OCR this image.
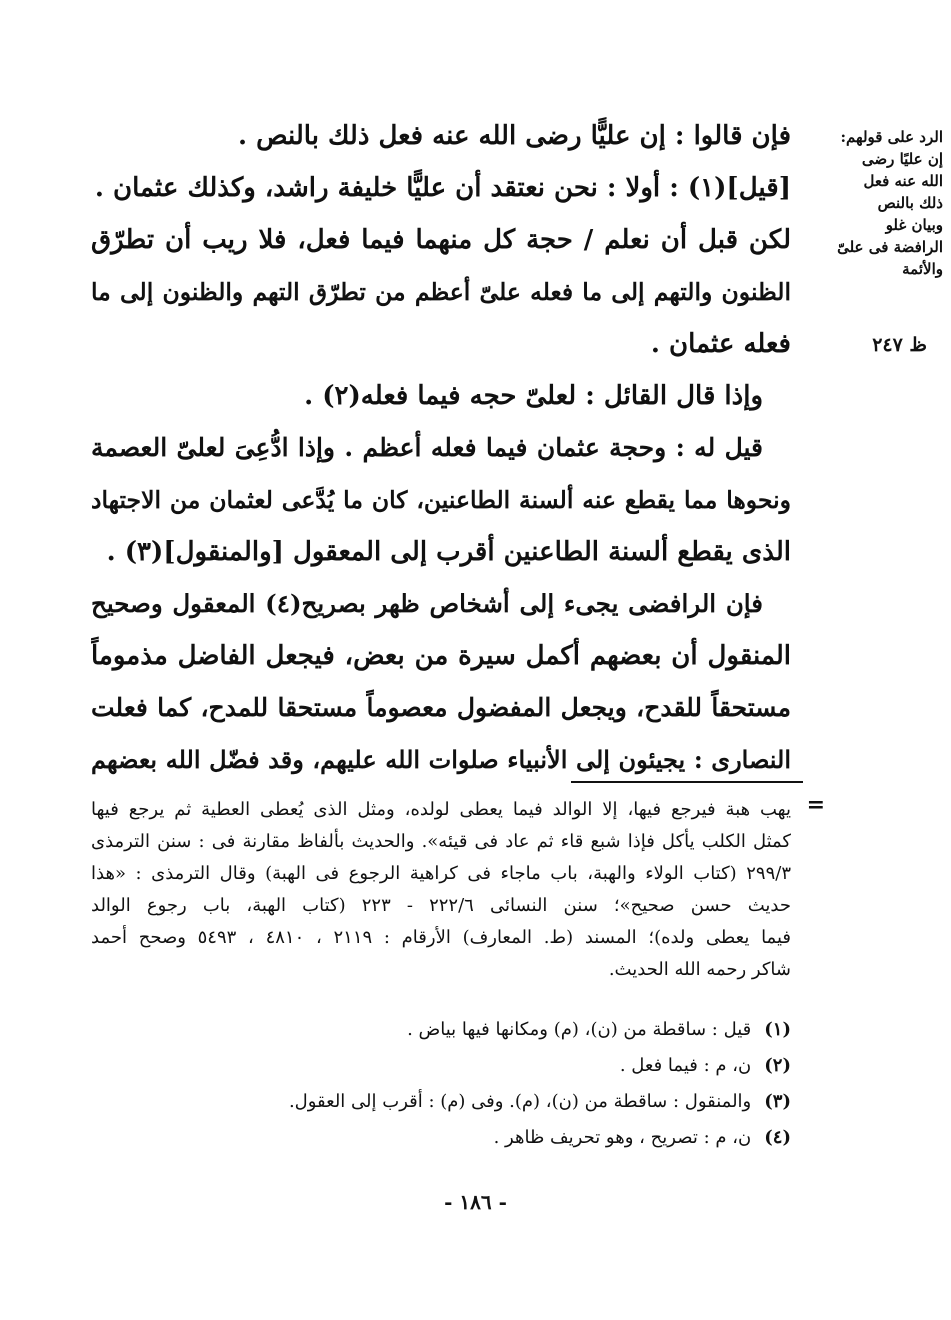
الرد على قولهم:
إن عليًا رضى
الله عنه فعل
ذلك بالنص
وبيان غلو
الرافضة فى علىّ
والأئمة
ظ ٢٤٧
فإن قالوا : إن عليًّا رضى الله عنه فعل ذلك بالنص .
[قيل](١) : أولا : نحن نعتقد أن عليًّا خليفة راشد، وكذلك عثمان .
لكن قبل أن نعلم / حجة كل منهما فيما فعل، فلا ريب أن تطرّق
الظنون والتهم إلى ما فعله علىّ أعظم من تطرّق التهم والظنون إلى ما
فعله عثمان .
وإذا قال القائل : لعلىّ حجه فيما فعله(٢) .
قيل له : وحجة عثمان فيما فعله أعظم . وإذا ادُّعِىَ لعلىّ العصمة
ونحوها مما يقطع عنه ألسنة الطاعنين، كان ما يُدَّعى لعثمان من الاجتهاد
الذى يقطع ألسنة الطاعنين أقرب إلى المعقول [والمنقول](٣) .
فإن الرافضى يجىء إلى أشخاص ظهر بصريح(٤) المعقول وصحيح
المنقول أن بعضهم أكمل سيرة من بعض، فيجعل الفاضل مذموماً
مستحقاً للقدح، ويجعل المفضول معصوماً مستحقا للمدح، كما فعلت
النصارى : يجيئون إلى الأنبياء صلوات الله عليهم، وقد فضّل الله بعضهم
=
يهب هبة فيرجع فيها، إلا الوالد فيما يعطى لولده، ومثل الذى يُعطى العطية ثم يرجع فيها
كمثل الكلب يأكل فإذا شبع قاء ثم عاد فى قيئه». والحديث بألفاظ مقارنة فى : سنن الترمذى
٢٩٩/٣ (كتاب الولاء والهبة، باب ماجاء فى كراهية الرجوع فى الهبة) وقال الترمذى : «هذا
حديث حسن صحيح»؛ سنن النسائى ٢٢٢/٦ - ٢٢٣ (كتاب الهبة، باب رجوع الوالد
فيما يعطى ولده)؛ المسند (ط. المعارف) الأرقام : ٢١١٩ ، ٤٨١٠ ، ٥٤٩٣ وصحح أحمد
شاكر رحمه الله الحديث.
(١) قيل : ساقطة من (ن)، (م) ومكانها فيها بياض .
(٢) ن، م : فيما فعل .
(٣) والمنقول : ساقطة من (ن)، (م). وفى (م) : أقرب إلى العقول.
(٤) ن، م : تصريح ، وهو تحريف ظاهر .
- ١٨٦ -
